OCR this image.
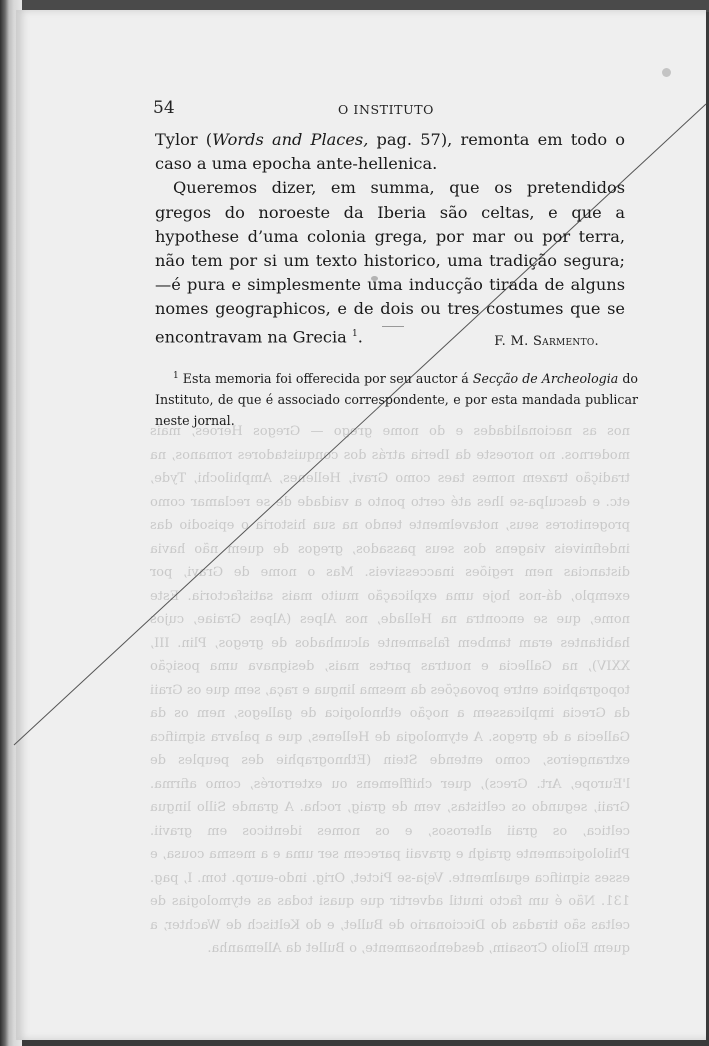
nos as nacionalidades e do nome grego — Gregos Heroes, mais modernos. no noroeste da Iberia atrás dos conquistadores romanos, na tradição trazem nomes taes como Gravi, Hellenes, Amphilochi, Tyde, etc. e desculpa-se lhes até certo ponto a vaidade de se reclamar como progenitores seus, notavelmente tendo na sua historia o episodio das indefiniveis viagens dos seus passados, gregos de quem não havia distancias nem regiões inaccessiveis. Mas o nome de Gravi, por exemplo, dá-nos hoje uma explicação muito mais satisfactoria. Este nome, que se encontra na Hellade, nos Alpes (Alpes Graiae, cujos habitantes eram tambem falsamente alcunhados de gregos, Plin. III, XXIV), na Gallecia e noutras partes mais, designava uma posição topographica entre povoações da mesma lingua e raça, sem que os Graii da Grecia implicassem a noção ethnologica de gallegos, nem os da Gallecia a de gregos. A etymologia de Hellenes, que a palavra significa extrangeiros, como entende Stein (Ethnographie des peuples de l'Europe, Art. Grecs), quer chifflemens ou exterrorés, como afirma. Graii, segundo os celtistas, vem de graig, rocha. A grande Sillo lingua celtica, os graii alterosos, e os nomes identicos em gravii. Philologicamente graigh e gravaii parecem ser uma e a mesma cousa, e esses significa egualmente. Veja-se Pictet, Orig. indo-europ. tom. I, pag. 131. Não é um facto inutil advertir que quasi todas as etymologias de celtas são tiradas do Diccionario de Bullet, e do Keltisch de Wachter, a quem Eloilo Crosaim, desdenhosamente, o Bullet da Allemanha.
54	O INSTITUTO

Tylor (Words and Places, pag. 57), remonta em todo o caso a uma epocha ante-hellenica.

Queremos dizer, em summa, que os pretendidos gregos do noroeste da Iberia são celtas, e que a hypothese d’uma colonia grega, por mar ou por terra, não tem por si um texto historico, uma tradição segura; —é pura e simplesmente uma inducção tirada de alguns nomes geographicos, e de dois ou tres costumes que se encontravam na Grecia $^1$.	F. M. Sarmento.

$^1$ Esta memoria foi offerecida por seu auctor á Secção de Archeologia do Instituto, de que é associado correspondente, e por esta mandada publicar neste jornal.
